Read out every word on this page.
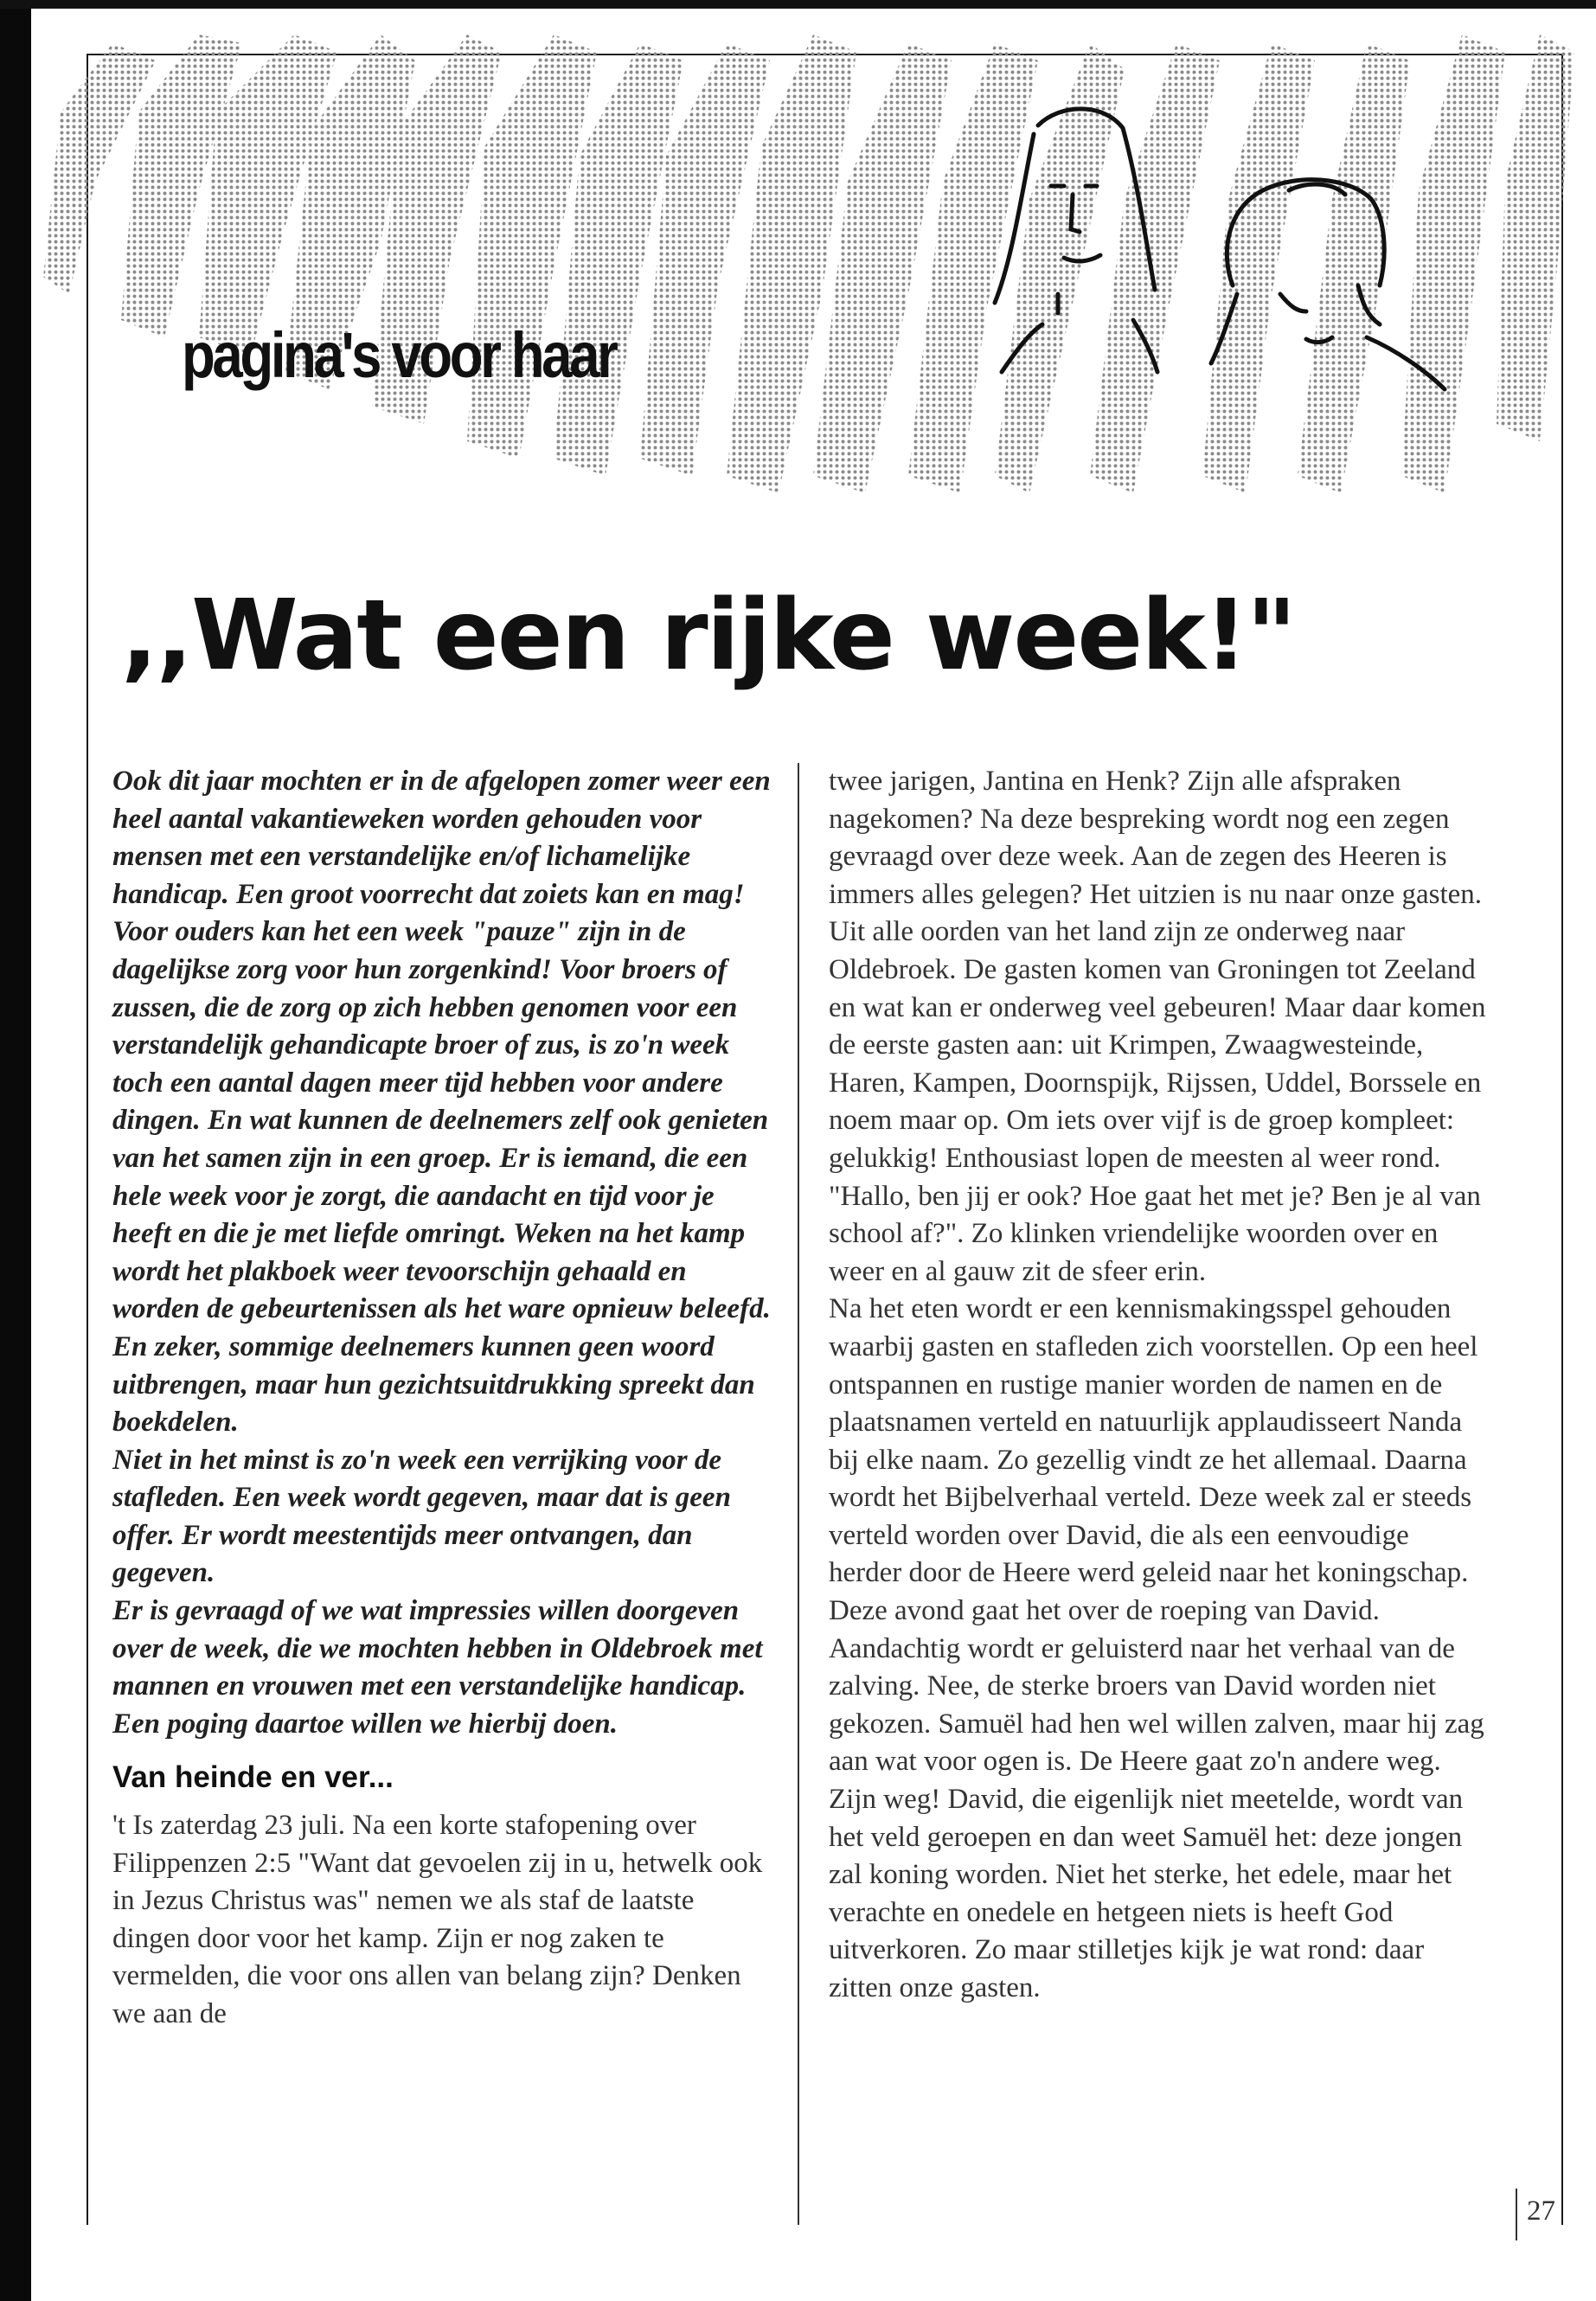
pagina's voor haar
,,Wat een rijke week!"

Ook dit jaar mochten er in de afgelopen zomer weer een heel aantal vakantieweken worden gehouden voor mensen met een verstandelijke en/of lichamelijke handicap. Een groot voorrecht dat zoiets kan en mag! Voor ouders kan het een week "pauze" zijn in de dagelijkse zorg voor hun zorgenkind! Voor broers of zussen, die de zorg op zich hebben genomen voor een verstandelijk gehandicapte broer of zus, is zo'n week toch een aantal dagen meer tijd hebben voor andere dingen. En wat kunnen de deelnemers zelf ook genieten van het samen zijn in een groep. Er is iemand, die een hele week voor je zorgt, die aandacht en tijd voor je heeft en die je met liefde omringt. Weken na het kamp wordt het plakboek weer tevoorschijn gehaald en worden de gebeurtenissen als het ware opnieuw beleefd. En zeker, sommige deelnemers kunnen geen woord uitbrengen, maar hun gezichtsuitdrukking spreekt dan boekdelen.

Niet in het minst is zo'n week een verrijking voor de stafleden. Een week wordt gegeven, maar dat is geen offer. Er wordt meestentijds meer ontvangen, dan gegeven.

Er is gevraagd of we wat impressies willen doorgeven over de week, die we mochten hebben in Oldebroek met mannen en vrouwen met een verstandelijke handicap. Een poging daartoe willen we hierbij doen.

Van heinde en ver...

't Is zaterdag 23 juli. Na een korte stafopening over Filippenzen 2:5 "Want dat gevoelen zij in u, hetwelk ook in Jezus Christus was" nemen we als staf de laatste dingen door voor het kamp. Zijn er nog zaken te vermelden, die voor ons allen van belang zijn? Denken we aan de

twee jarigen, Jantina en Henk? Zijn alle afspraken nagekomen? Na deze bespreking wordt nog een zegen gevraagd over deze week. Aan de zegen des Heeren is immers alles gelegen? Het uitzien is nu naar onze gasten. Uit alle oorden van het land zijn ze onderweg naar Oldebroek. De gasten komen van Groningen tot Zeeland en wat kan er onderweg veel gebeuren! Maar daar komen de eerste gasten aan: uit Krimpen, Zwaagwesteinde, Haren, Kampen, Doornspijk, Rijssen, Uddel, Borssele en noem maar op. Om iets over vijf is de groep kompleet: gelukkig! Enthousiast lopen de meesten al weer rond. "Hallo, ben jij er ook? Hoe gaat het met je? Ben je al van school af?". Zo klinken vriendelijke woorden over en weer en al gauw zit de sfeer erin.

Na het eten wordt er een kennismakingsspel gehouden waarbij gasten en stafleden zich voorstellen. Op een heel ontspannen en rustige manier worden de namen en de plaatsnamen verteld en natuurlijk applaudisseert Nanda bij elke naam. Zo gezellig vindt ze het allemaal. Daarna wordt het Bijbelverhaal verteld. Deze week zal er steeds verteld worden over David, die als een eenvoudige herder door de Heere werd geleid naar het koningschap. Deze avond gaat het over de roeping van David. Aandachtig wordt er geluisterd naar het verhaal van de zalving. Nee, de sterke broers van David worden niet gekozen. Samuël had hen wel willen zalven, maar hij zag aan wat voor ogen is. De Heere gaat zo'n andere weg. Zijn weg! David, die eigenlijk niet meetelde, wordt van het veld geroepen en dan weet Samuël het: deze jongen zal koning worden. Niet het sterke, het edele, maar het verachte en onedele en hetgeen niets is heeft God uitverkoren. Zo maar stilletjes kijk je wat rond: daar zitten onze gasten.

27
